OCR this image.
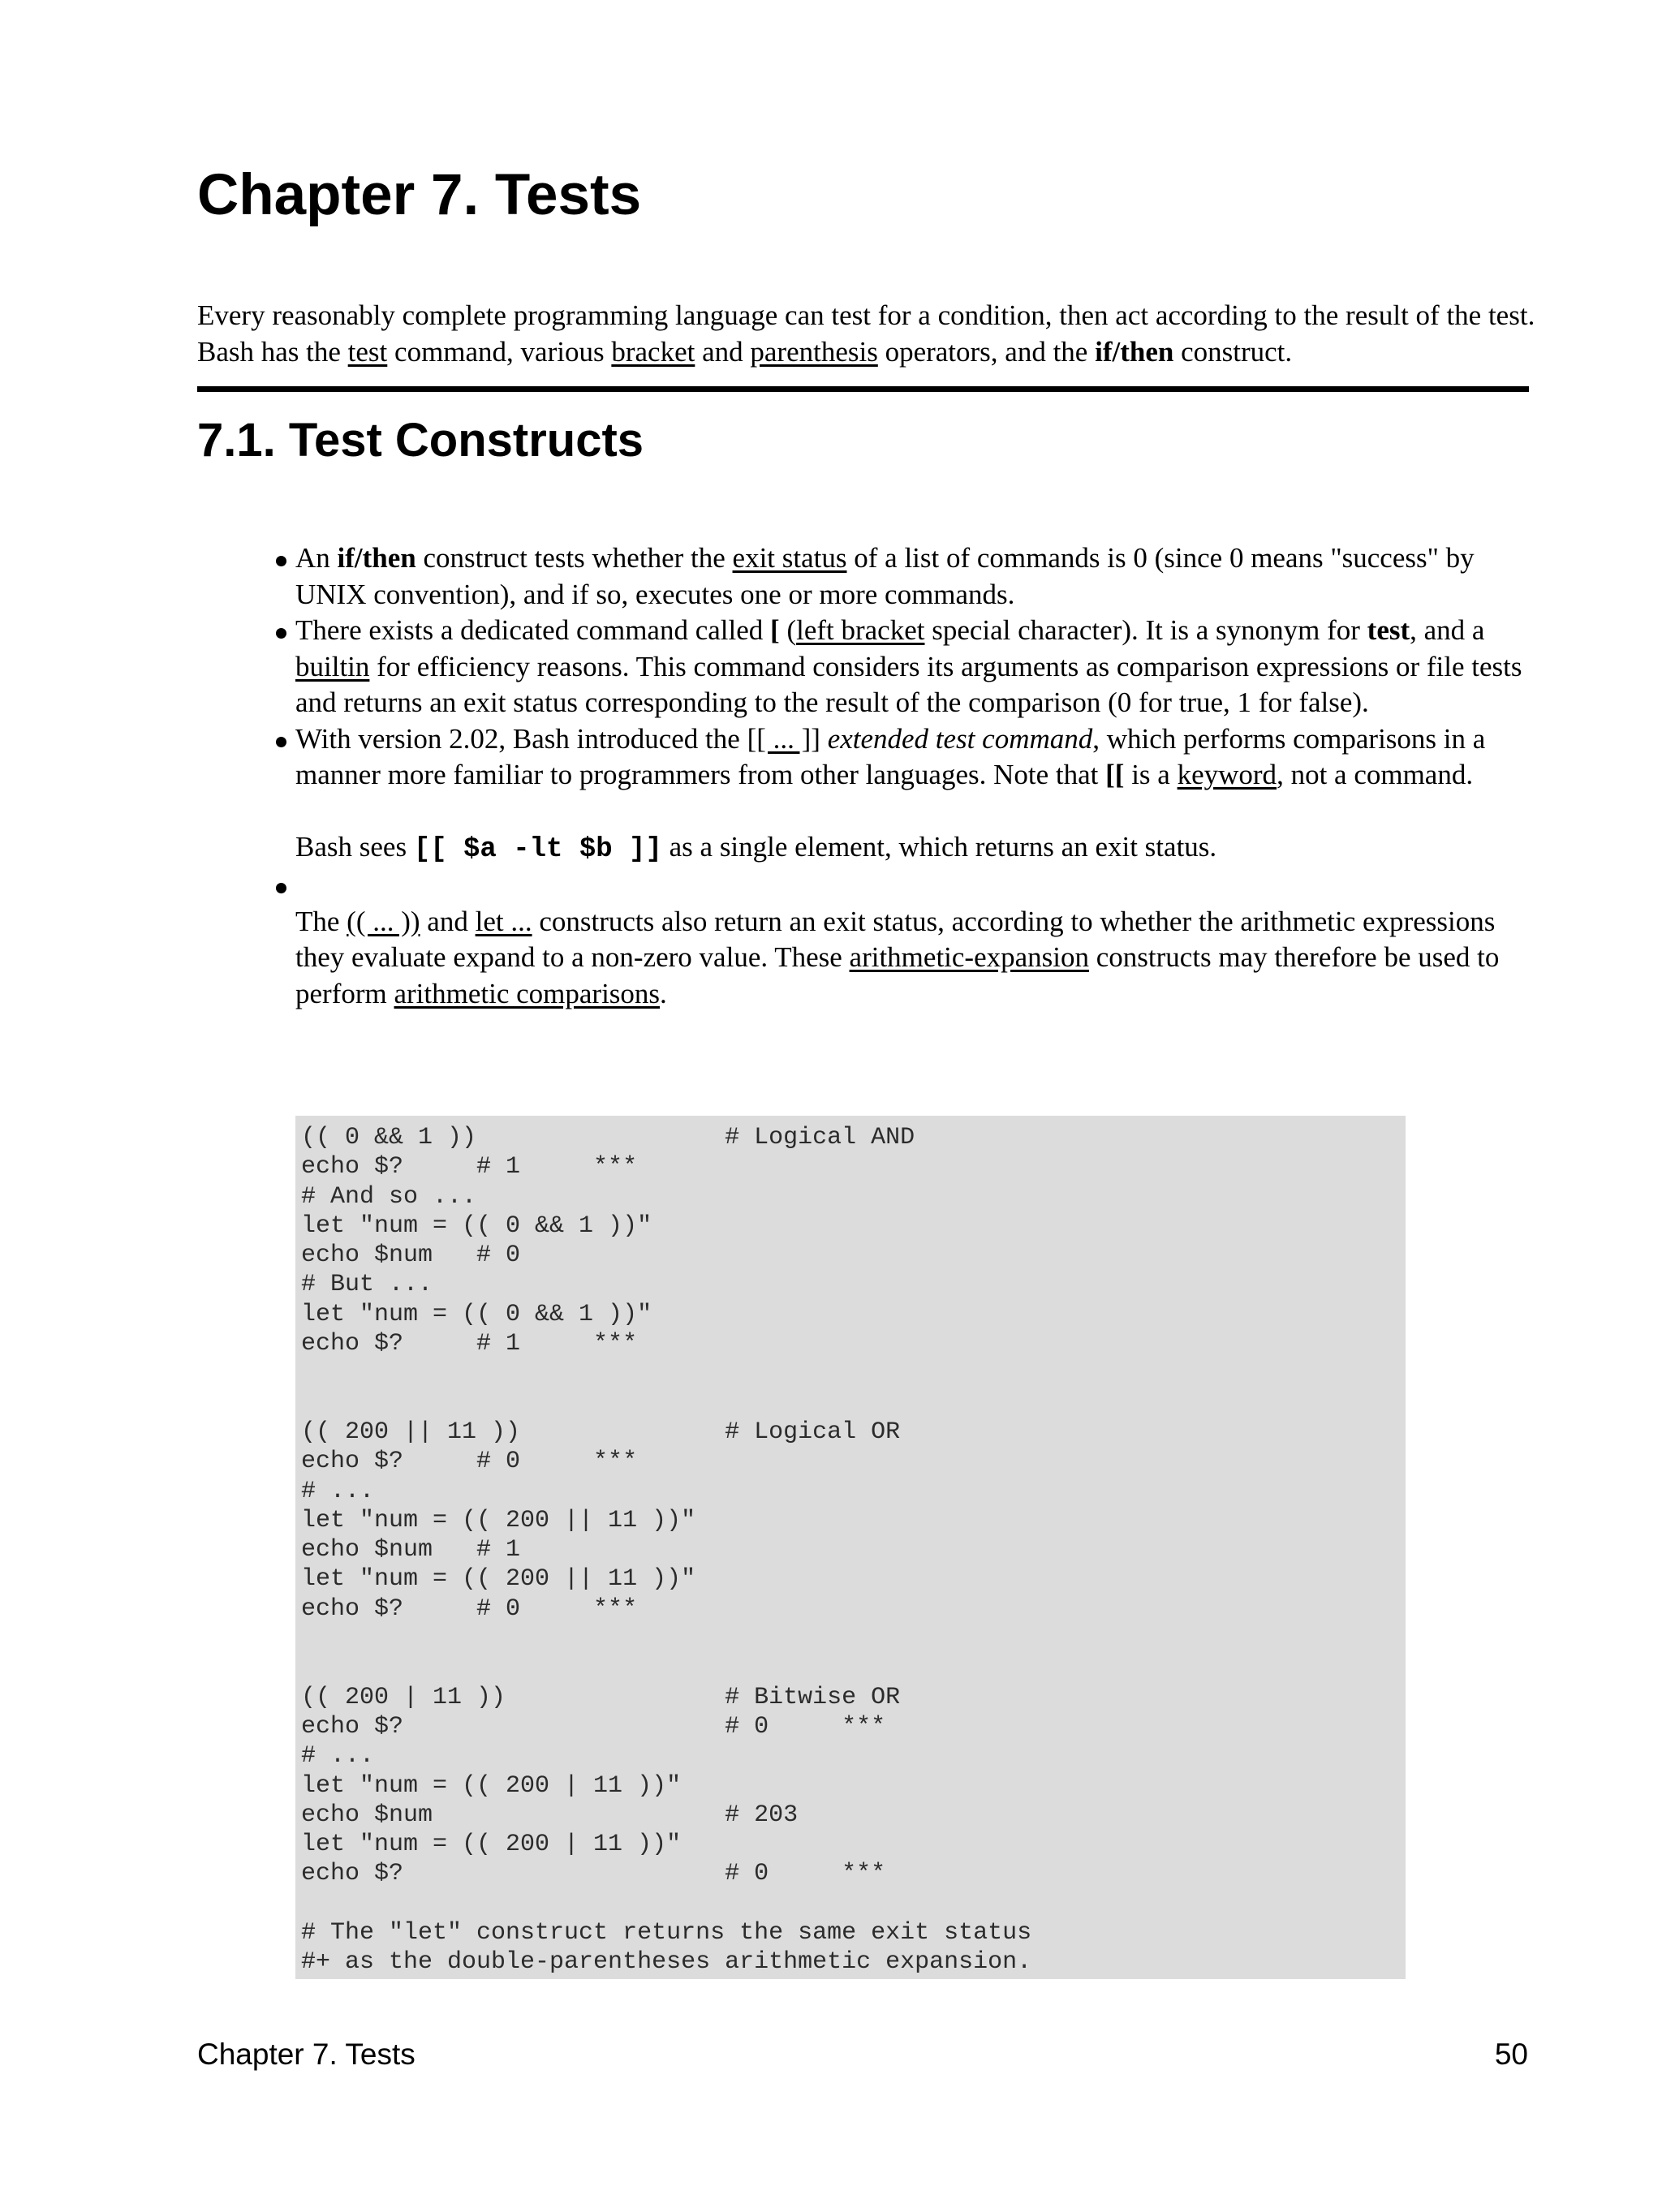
Chapter 7. Tests

Every reasonably complete programming language can test for a condition, then act according to the result of the test. Bash has the test command, various bracket and parenthesis operators, and the if/then construct.

7.1. Test Constructs

An if/then construct tests whether the exit status of a list of commands is 0 (since 0 means "success" by UNIX convention), and if so, executes one or more commands.

There exists a dedicated command called [ (left bracket special character). It is a synonym for test, and a builtin for efficiency reasons. This command considers its arguments as comparison expressions or file tests and returns an exit status corresponding to the result of the comparison (0 for true, 1 for false).

With version 2.02, Bash introduced the [[ ... ]] extended test command, which performs comparisons in a manner more familiar to programmers from other languages. Note that [[ is a keyword, not a command.

Bash sees [[ $a -lt $b ]] as a single element, which returns an exit status.

The (( ... )) and let ... constructs also return an exit status, according to whether the arithmetic expressions they evaluate expand to a non-zero value. These arithmetic-expansion constructs may therefore be used to perform arithmetic comparisons.

(( 0 && 1 ))                 # Logical AND
echo $?     # 1     ***
# And so ...
let "num = (( 0 && 1 ))"
echo $num   # 0
# But ...
let "num = (( 0 && 1 ))"
echo $?     # 1     ***

(( 200 || 11 ))              # Logical OR
echo $?     # 0     ***
# ...
let "num = (( 200 || 11 ))"
echo $num   # 1
let "num = (( 200 || 11 ))"
echo $?     # 0     ***

(( 200 | 11 ))               # Bitwise OR
echo $?                      # 0     ***
# ...
let "num = (( 200 | 11 ))"
echo $num                    # 203
let "num = (( 200 | 11 ))"
echo $?                      # 0     ***

# The "let" construct returns the same exit status
#+ as the double-parentheses arithmetic expansion.
Chapter 7. Tests	50
